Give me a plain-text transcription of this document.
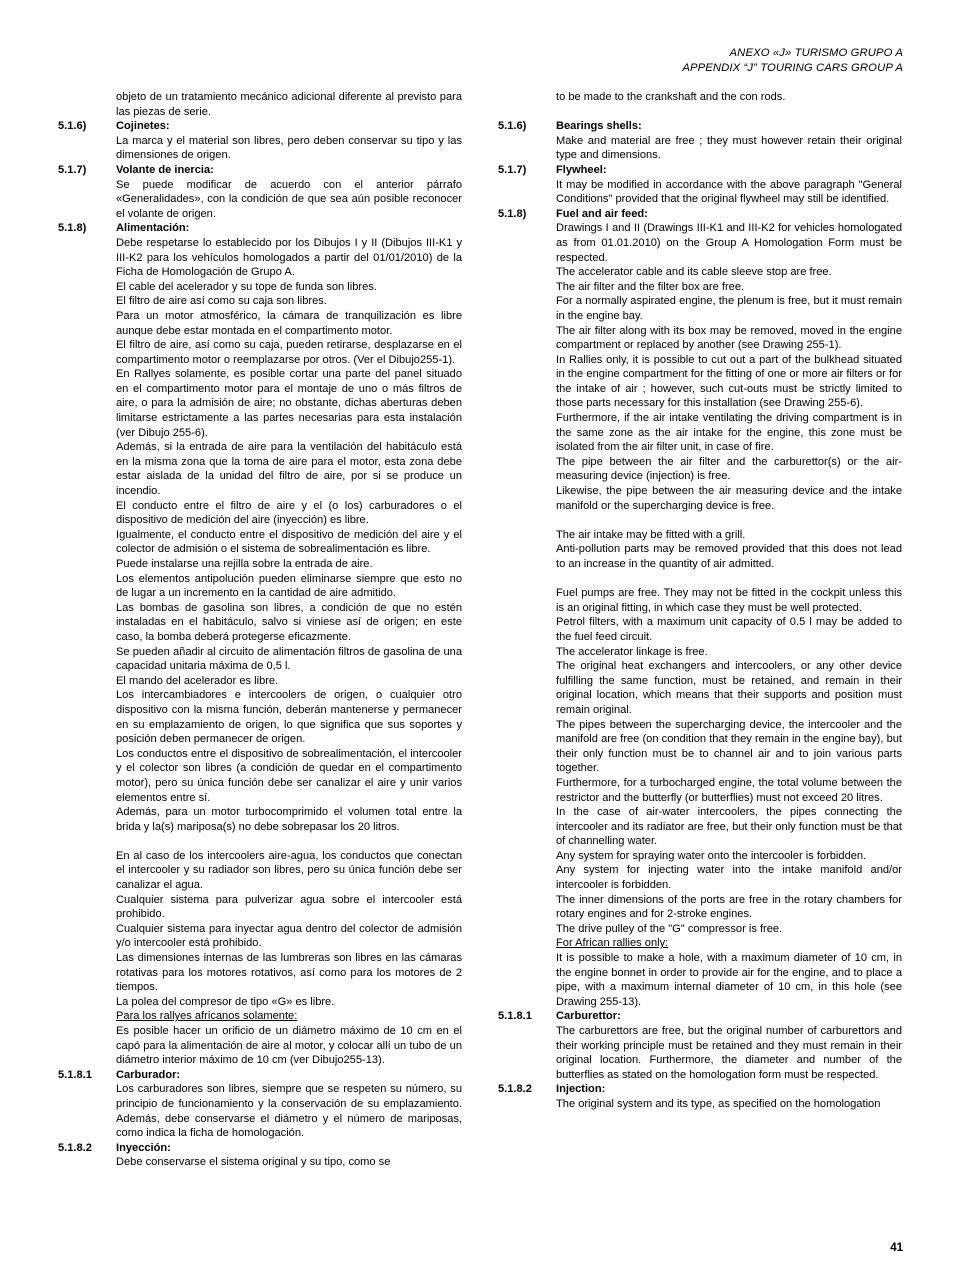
ANEXO «J» TURISMO GRUPO A
APPENDIX “J” TOURING CARS GROUP A
objeto de un tratamiento mecánico adicional diferente al previsto para las piezas de serie.
5.1.6)	Cojinetes:
La marca y el material son libres, pero deben conservar su tipo y las dimensiones de origen.
5.1.7)	Volante de inercia:
Se puede modificar de acuerdo con el anterior párrafo «Generalidades», con la condición de que sea aún posible reconocer el volante de origen.
5.1.8)	Alimentación:

Debe respetarse lo establecido por los Dibujos I y II (Dibujos III-K1 y III-K2 para los vehículos homologados a partir del 01/01/2010) de la Ficha de Homologación de Grupo A.

El cable del acelerador y su tope de funda son libres.

El filtro de aire así como su caja son libres.

Para un motor atmosférico, la cámara de tranquilización es libre aunque debe estar montada en el compartimento motor.

El filtro de aire, así como su caja, pueden retirarse, desplazarse en el compartimento motor o reemplazarse por otros. (Ver el Dibujo255-1).

En Rallyes solamente, es posible cortar una parte del panel situado en el compartimento motor para el montaje de uno o más filtros de aire, o para la admisión de aire; no obstante, dichas aberturas deben limitarse estrictamente a las partes necesarias para esta instalación (ver Dibujo 255-6).

Además, si la entrada de aire para la ventilación del habitáculo está en la misma zona que la toma de aire para el motor, esta zona debe estar aislada de la unidad del filtro de aire, por si se produce un incendio.

El conducto entre el filtro de aire y el (o los) carburadores o el dispositivo de medición del aire (inyección) es libre.

Igualmente, el conducto entre el dispositivo de medición del aire y el colector de admisión o el sistema de sobrealimentación es libre.

Puede instalarse una rejilla sobre la entrada de aire.

Los elementos antipolución pueden eliminarse siempre que esto no de lugar a un incremento en la cantidad de aire admitido.

Las bombas de gasolina son libres, a condición de que no estén instaladas en el habitáculo, salvo si viniese así de origen; en este caso, la bomba deberá protegerse eficazmente.

Se pueden añadir al circuito de alimentación filtros de gasolina de una capacidad unitaria máxima de 0,5 l.

El mando del acelerador es libre.

Los intercambiadores e intercoolers de origen, o cualquier otro dispositivo con la misma función, deberán mantenerse y permanecer en su emplazamiento de origen, lo que significa que sus soportes y posición deben permanecer de origen.

Los conductos entre el dispositivo de sobrealimentación, el intercooler y el colector son libres (a condición de quedar en el compartimento motor), pero su única función debe ser canalizar el aire y unir varios elementos entre sí.

Además, para un motor turbocomprimido el volumen total entre la brida y la(s) mariposa(s) no debe sobrepasar los 20 litros.

En al caso de los intercoolers aire-agua, los conductos que conectan el intercooler y su radiador son libres, pero su única función debe ser canalizar el agua.

Cualquier sistema para pulverizar agua sobre el intercooler está prohibido.

Cualquier sistema para inyectar agua dentro del colector de admisión y/o intercooler está prohibido.

Las dimensiones internas de las lumbreras son libres en las cámaras rotativas para los motores rotativos, así como para los motores de 2 tiempos.

La polea del compresor de tipo «G» es libre.

Para los rallyes africanos solamente:

Es posible hacer un orificio de un diámetro máximo de 10 cm en el capó para la alimentación de aire al motor, y colocar allí un tubo de un diámetro interior máximo de 10 cm (ver Dibujo255-13).

5.1.8.1	Carburador:
Los carburadores son libres, siempre que se respeten su número, su principio de funcionamiento y la conservación de su emplazamiento. Además, debe conservarse el diámetro y el número de mariposas, como indica la ficha de homologación.
5.1.8.2	Inyección:
Debe conservarse el sistema original y su tipo, como se
to be made to the crankshaft and the con rods.
5.1.6)	Bearings shells:
Make and material are free ; they must however retain their original type and dimensions.
5.1.7)	Flywheel:
It may be modified in accordance with the above paragraph "General Conditions" provided that the original flywheel may still be identified.
5.1.8)	Fuel and air feed:

Drawings I and II (Drawings III-K1 and III-K2 for vehicles homologated as from 01.01.2010) on the Group A Homologation Form must be respected.

The accelerator cable and its cable sleeve stop are free.

The air filter and the filter box are free.

For a normally aspirated engine, the plenum is free, but it must remain in the engine bay.

The air filter along with its box may be removed, moved in the engine compartment or replaced by another (see Drawing 255-1).

In Rallies only, it is possible to cut out a part of the bulkhead situated in the engine compartment for the fitting of one or more air filters or for the intake of air ; however, such cut-outs must be strictly limited to those parts necessary for this installation (see Drawing 255-6).

Furthermore, if the air intake ventilating the driving compartment is in the same zone as the air intake for the engine, this zone must be isolated from the air filter unit, in case of fire.

The pipe between the air filter and the carburettor(s) or the air-measuring device (injection) is free.

Likewise, the pipe between the air measuring device and the intake manifold or the supercharging device is free.

The air intake may be fitted with a grill.

Anti-pollution parts may be removed provided that this does not lead to an increase in the quantity of air admitted.

Fuel pumps are free. They may not be fitted in the cockpit unless this is an original fitting, in which case they must be well protected.

Petrol filters, with a maximum unit capacity of 0.5 l may be added to the fuel feed circuit.

The accelerator linkage is free.

The original heat exchangers and intercoolers, or any other device fulfilling the same function, must be retained, and remain in their original location, which means that their supports and position must remain original.

The pipes between the supercharging device, the intercooler and the manifold are free (on condition that they remain in the engine bay), but their only function must be to channel air and to join various parts together.

Furthermore, for a turbocharged engine, the total volume between the restrictor and the butterfly (or butterflies) must not exceed 20 litres.

In the case of air-water intercoolers, the pipes connecting the intercooler and its radiator are free, but their only function must be that of channelling water.

Any system for spraying water onto the intercooler is forbidden.

Any system for injecting water into the intake manifold and/or intercooler is forbidden.

The inner dimensions of the ports are free in the rotary chambers for rotary engines and for 2-stroke engines.

The drive pulley of the "G" compressor is free.

For African rallies only:

It is possible to make a hole, with a maximum diameter of 10 cm, in the engine bonnet in order to provide air for the engine, and to place a pipe, with a maximum internal diameter of 10 cm, in this hole (see Drawing 255-13).

5.1.8.1	Carburettor:
The carburettors are free, but the original number of carburettors and their working principle must be retained and they must remain in their original location. Furthermore, the diameter and number of the butterflies as stated on the homologation form must be respected.
5.1.8.2	Injection:
The original system and its type, as specified on the homologation
41
